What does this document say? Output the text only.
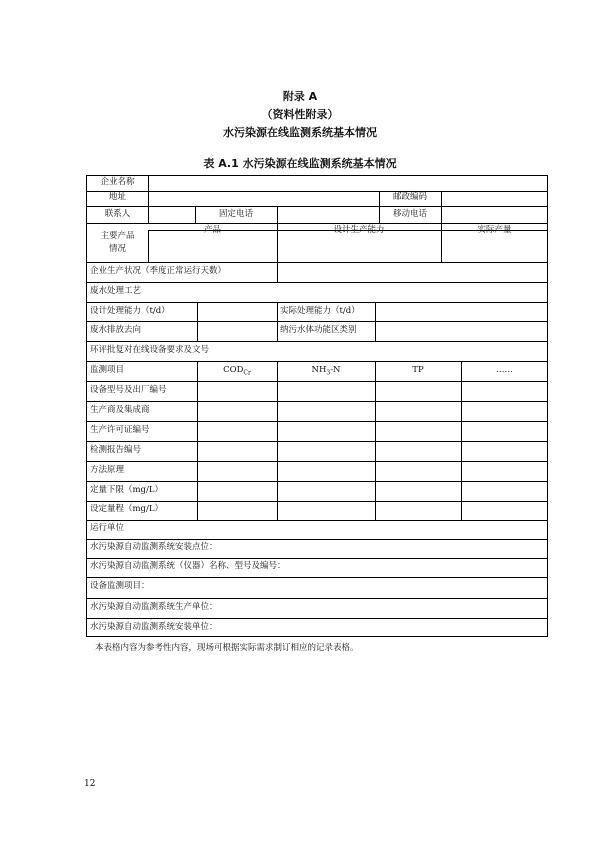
附录 A
（资料性附录）
水污染源在线监测系统基本情况
表 A.1 水污染源在线监测系统基本情况
企业名称
地址	邮政编码
联系人	固定电话	移动电话
主要产品
情况
产品	设计生产能力	实际产量
企业生产状况（季度正常运行天数）
废水处理工艺
设计处理能力（t/d）	实际处理能力（t/d）
废水排放去向	纳污水体功能区类别
环评批复对在线设备要求及文号
监测项目	$COD_{Cr}$	$NH_3-N$	TP	……
设备型号及出厂编号
生产商及集成商
生产许可证编号
检测报告编号
方法原理
定量下限（mg/L）
设定量程（mg/L）
运行单位
水污染源自动监测系统安装点位：
水污染源自动监测系统（仪器）名称、型号及编号：
设备监测项目：
水污染源自动监测系统生产单位：
水污染源自动监测系统安装单位：
本表格内容为参考性内容，现场可根据实际需求制订相应的记录表格。
12
